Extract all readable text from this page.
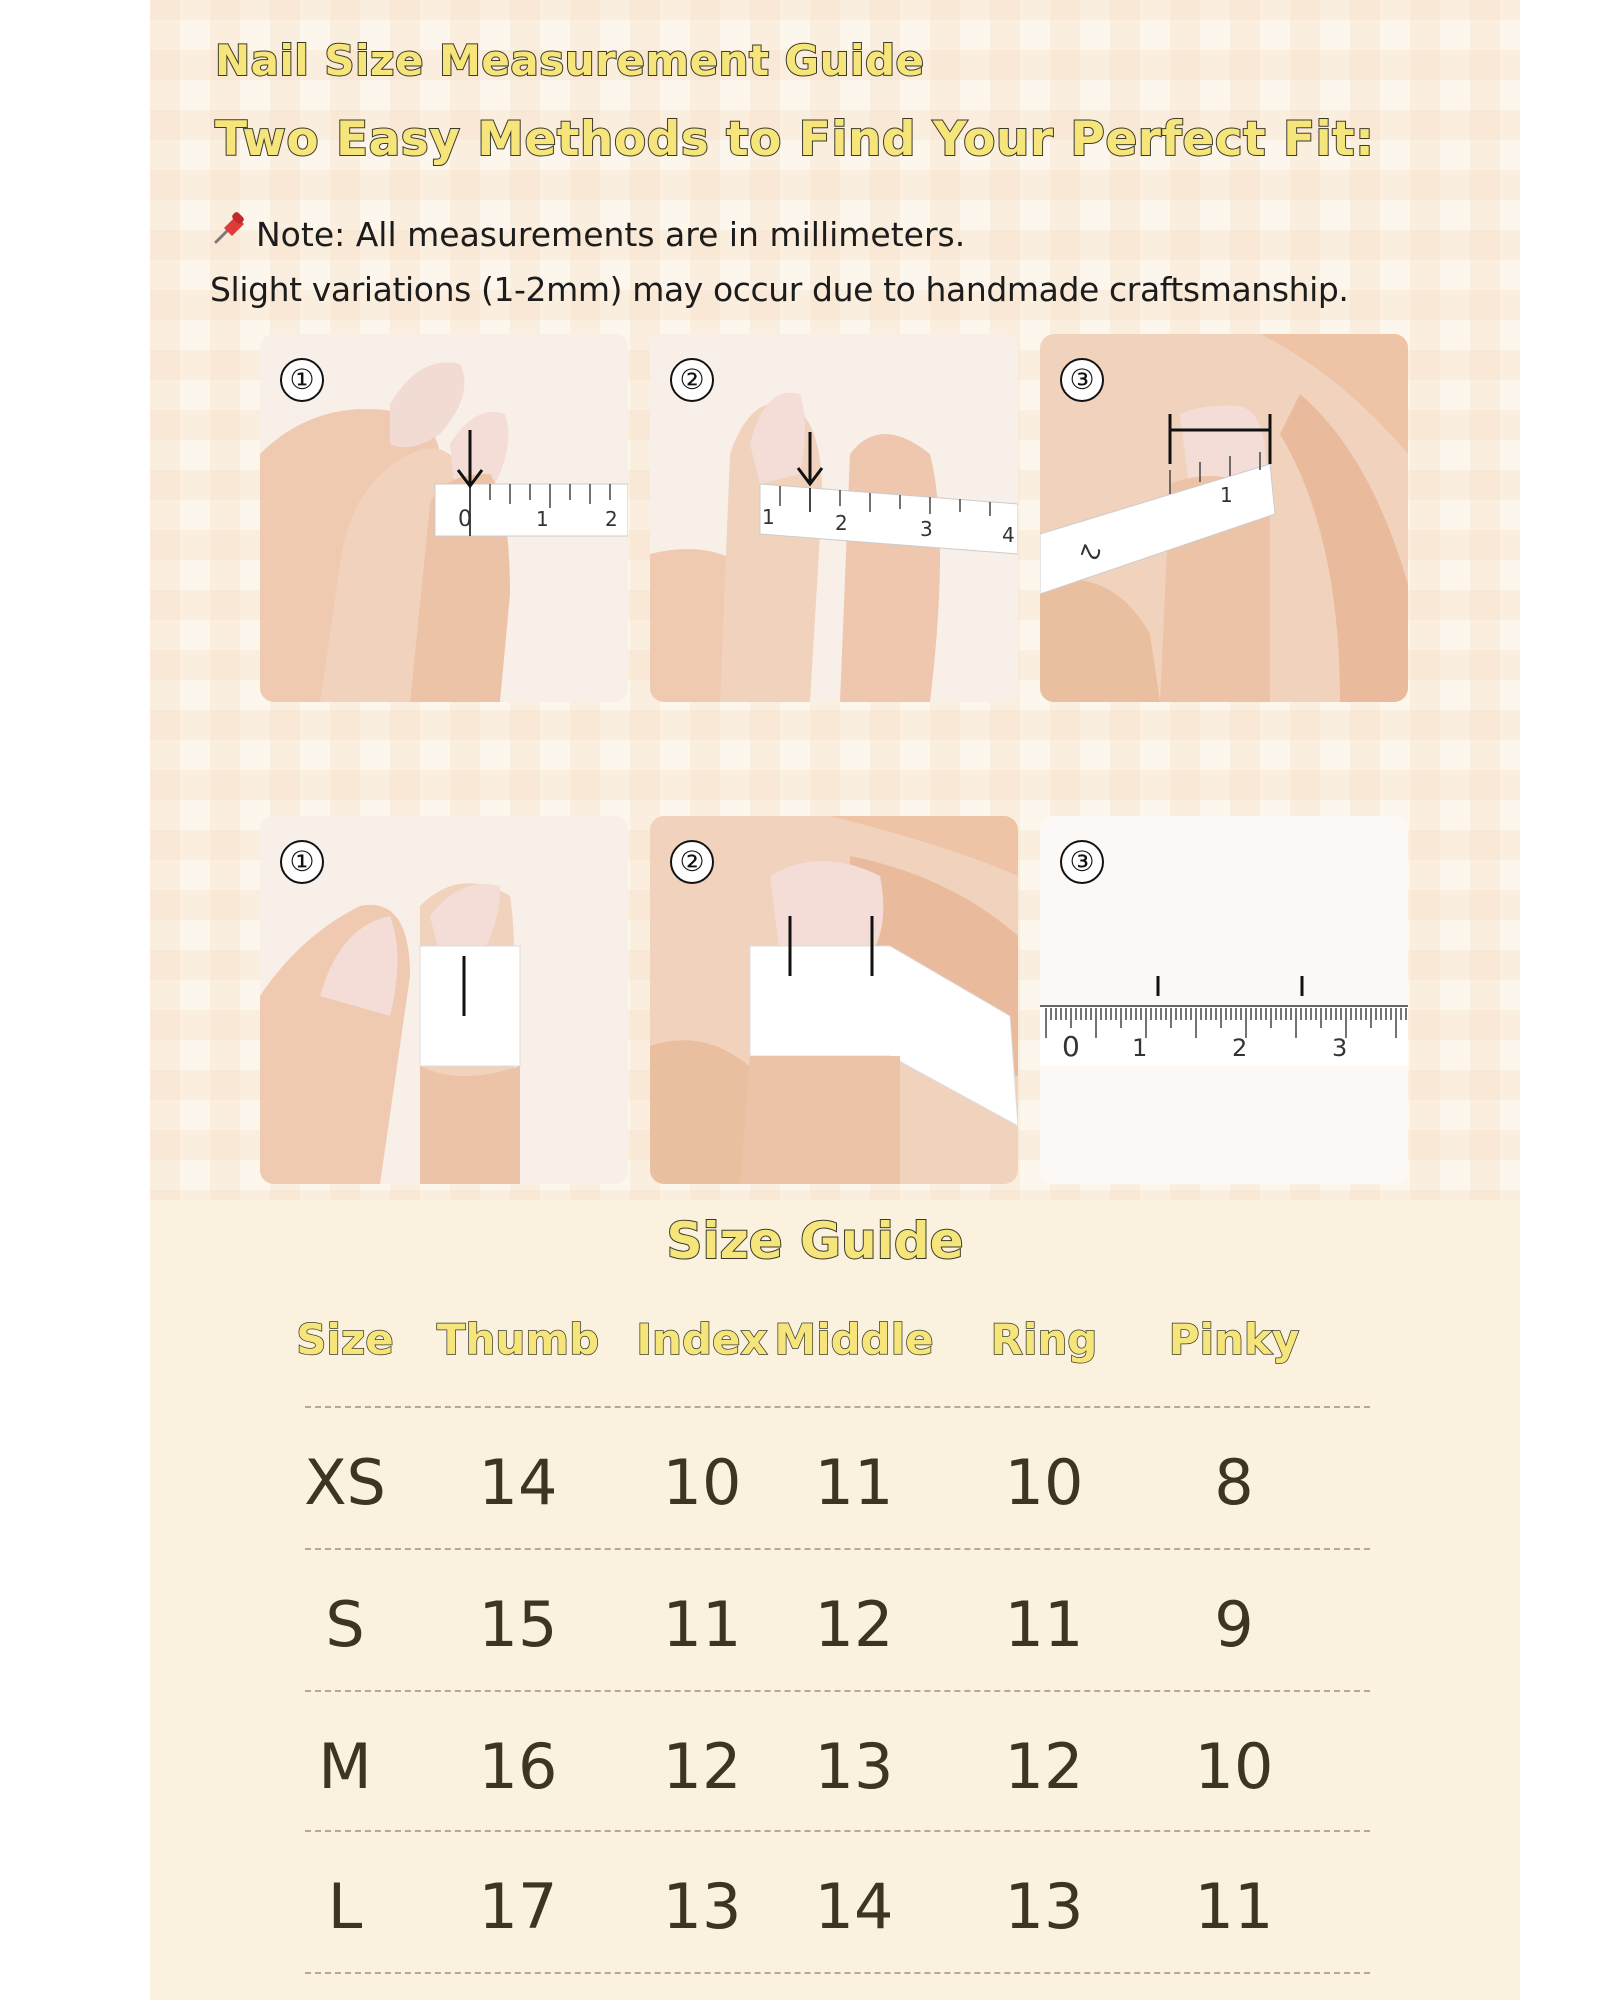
Nail Size Measurement Guide
Two Easy Methods to Find Your Perfect Fit:
Note: All measurements are in millimeters.
Slight variations (1-2mm) may occur due to handmade craftsmanship.
0	1	2
①
1	2	3	4
②
1
2
③
①	②
0 1	2	3
③
Size Guide
Size Thumb Index Middle Ring Pinky
XS 14 10 11 10 8
S 15 11 12 11 9
M 16 12 13 12 10
L 17 13 14 13 11
